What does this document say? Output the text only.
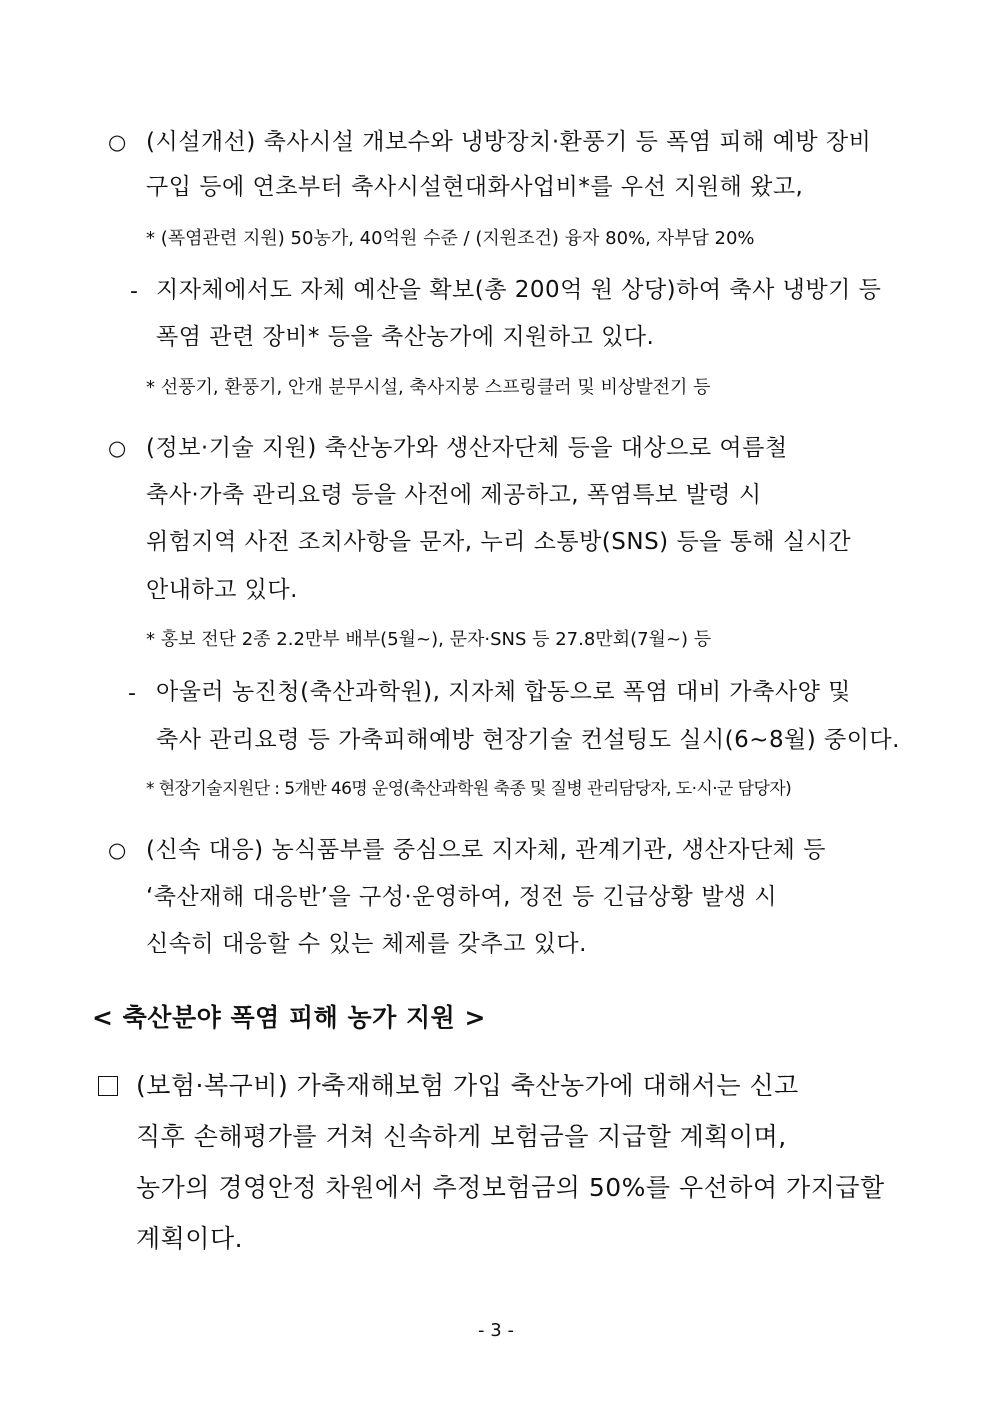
○ (시설개선) 축사시설 개보수와 냉방장치·환풍기 등 폭염 피해 예방 장비
구입 등에 연초부터 축사시설현대화사업비*를 우선 지원해 왔고,
* (폭염관련 지원) 50농가, 40억원 수준 / (지원조건) 융자 80%, 자부담 20%
- 지자체에서도 자체 예산을 확보(총 200억 원 상당)하여 축사 냉방기 등
폭염 관련 장비* 등을 축산농가에 지원하고 있다.
* 선풍기, 환풍기, 안개 분무시설, 축사지붕 스프링클러 및 비상발전기 등
○ (정보·기술 지원) 축산농가와 생산자단체 등을 대상으로 여름철
축사·가축 관리요령 등을 사전에 제공하고, 폭염특보 발령 시
위험지역 사전 조치사항을 문자, 누리 소통방(SNS) 등을 통해 실시간
안내하고 있다.
* 홍보 전단 2종 2.2만부 배부(5월~), 문자·SNS 등 27.8만회(7월~) 등
- 아울러 농진청(축산과학원), 지자체 합동으로 폭염 대비 가축사양 및
축사 관리요령 등 가축피해예방 현장기술 컨설팅도 실시(6~8월) 중이다.
* 현장기술지원단 : 5개반 46명 운영(축산과학원 축종 및 질병 관리담당자, 도·시·군 담당자)
○ (신속 대응) 농식품부를 중심으로 지자체, 관계기관, 생산자단체 등
‘축산재해 대응반’을 구성·운영하여, 정전 등 긴급상황 발생 시
신속히 대응할 수 있는 체제를 갖추고 있다.
< 축산분야 폭염 피해 농가 지원 >
(보험·복구비) 가축재해보험 가입 축산농가에 대해서는 신고
직후 손해평가를 거쳐 신속하게 보험금을 지급할 계획이며,
농가의 경영안정 차원에서 추정보험금의 50%를 우선하여 가지급할
계획이다.
- 3 -
